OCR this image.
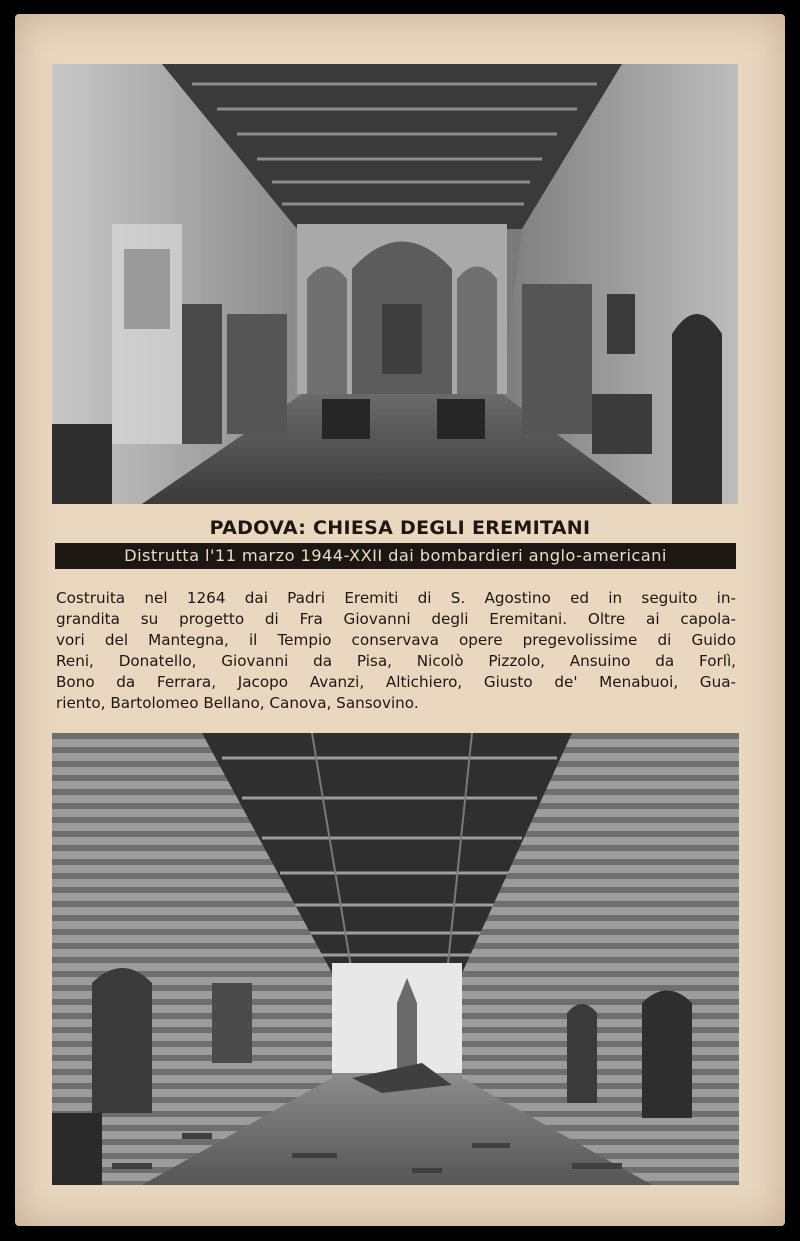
PADOVA: CHIESA DEGLI EREMITANI
Distrutta l'11 marzo 1944-XXII dai bombardieri anglo-americani
Costruita nel 1264 dai Padri Eremiti di S. Agostino ed in seguito in-
grandita su progetto di Fra Giovanni degli Eremitani. Oltre ai capola-
vori del Mantegna, il Tempio conservava opere pregevolissime di Guido
Reni, Donatello, Giovanni da Pisa, Nicolò Pizzolo, Ansuino da Forlì,
Bono da Ferrara, Jacopo Avanzi, Altichiero, Giusto de' Menabuoi, Gua-
riento, Bartolomeo Bellano, Canova, Sansovino.
